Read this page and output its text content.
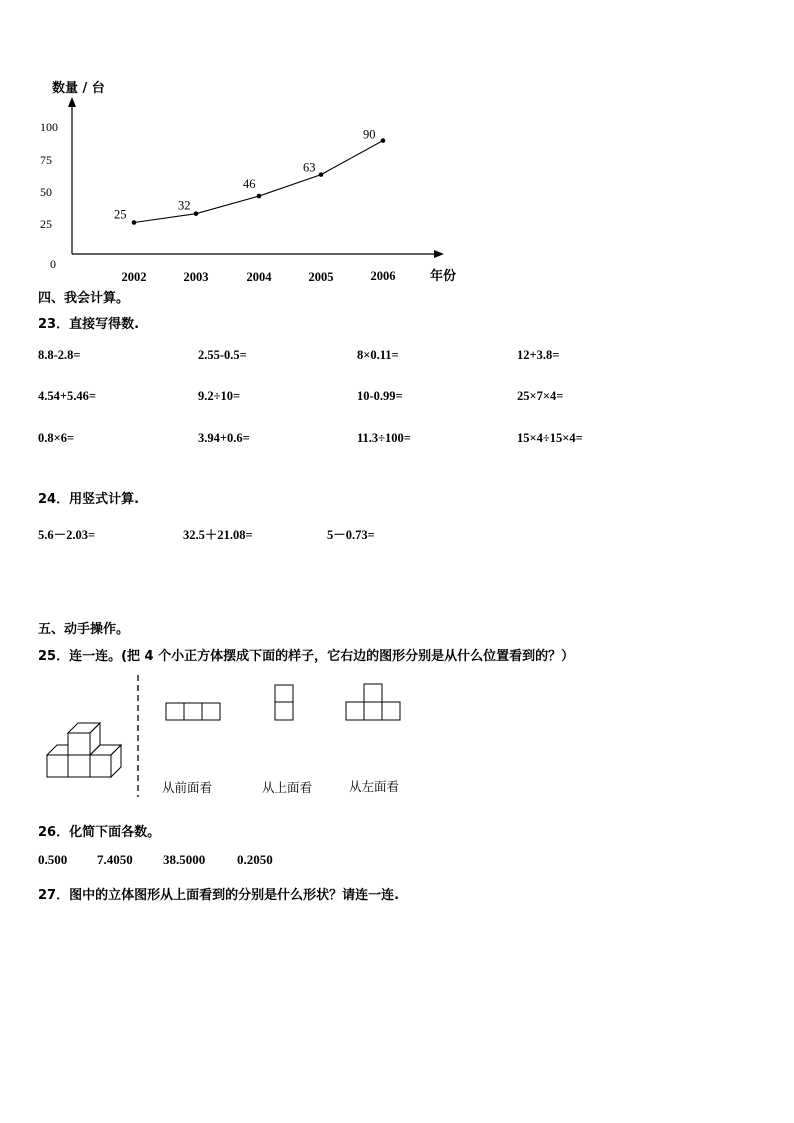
数量 / 台
100
75
50
25
0
2002	2003	2004	2005	2006
25
32
46
63
90
年份
四、我会计算。
23．直接写得数.
8.8-2.8=	2.55-0.5=	8×0.11=	12+3.8=
4.54+5.46=	9.2÷10=	10-0.99=	25×7×4=
0.8×6=	3.94+0.6=	11.3÷100=	15×4÷15×4=
24．用竖式计算.
5.6－2.03=	32.5＋21.08=	5－0.73=
五、动手操作。
25．连一连。(把 4 个小正方体摆成下面的样子，它右边的图形分别是从什么位置看到的？）
从前面看	从上面看	从左面看
26．化简下面各数。
0.500 7.4050 38.5000 0.2050
27．图中的立体图形从上面看到的分别是什么形状？请连一连.
